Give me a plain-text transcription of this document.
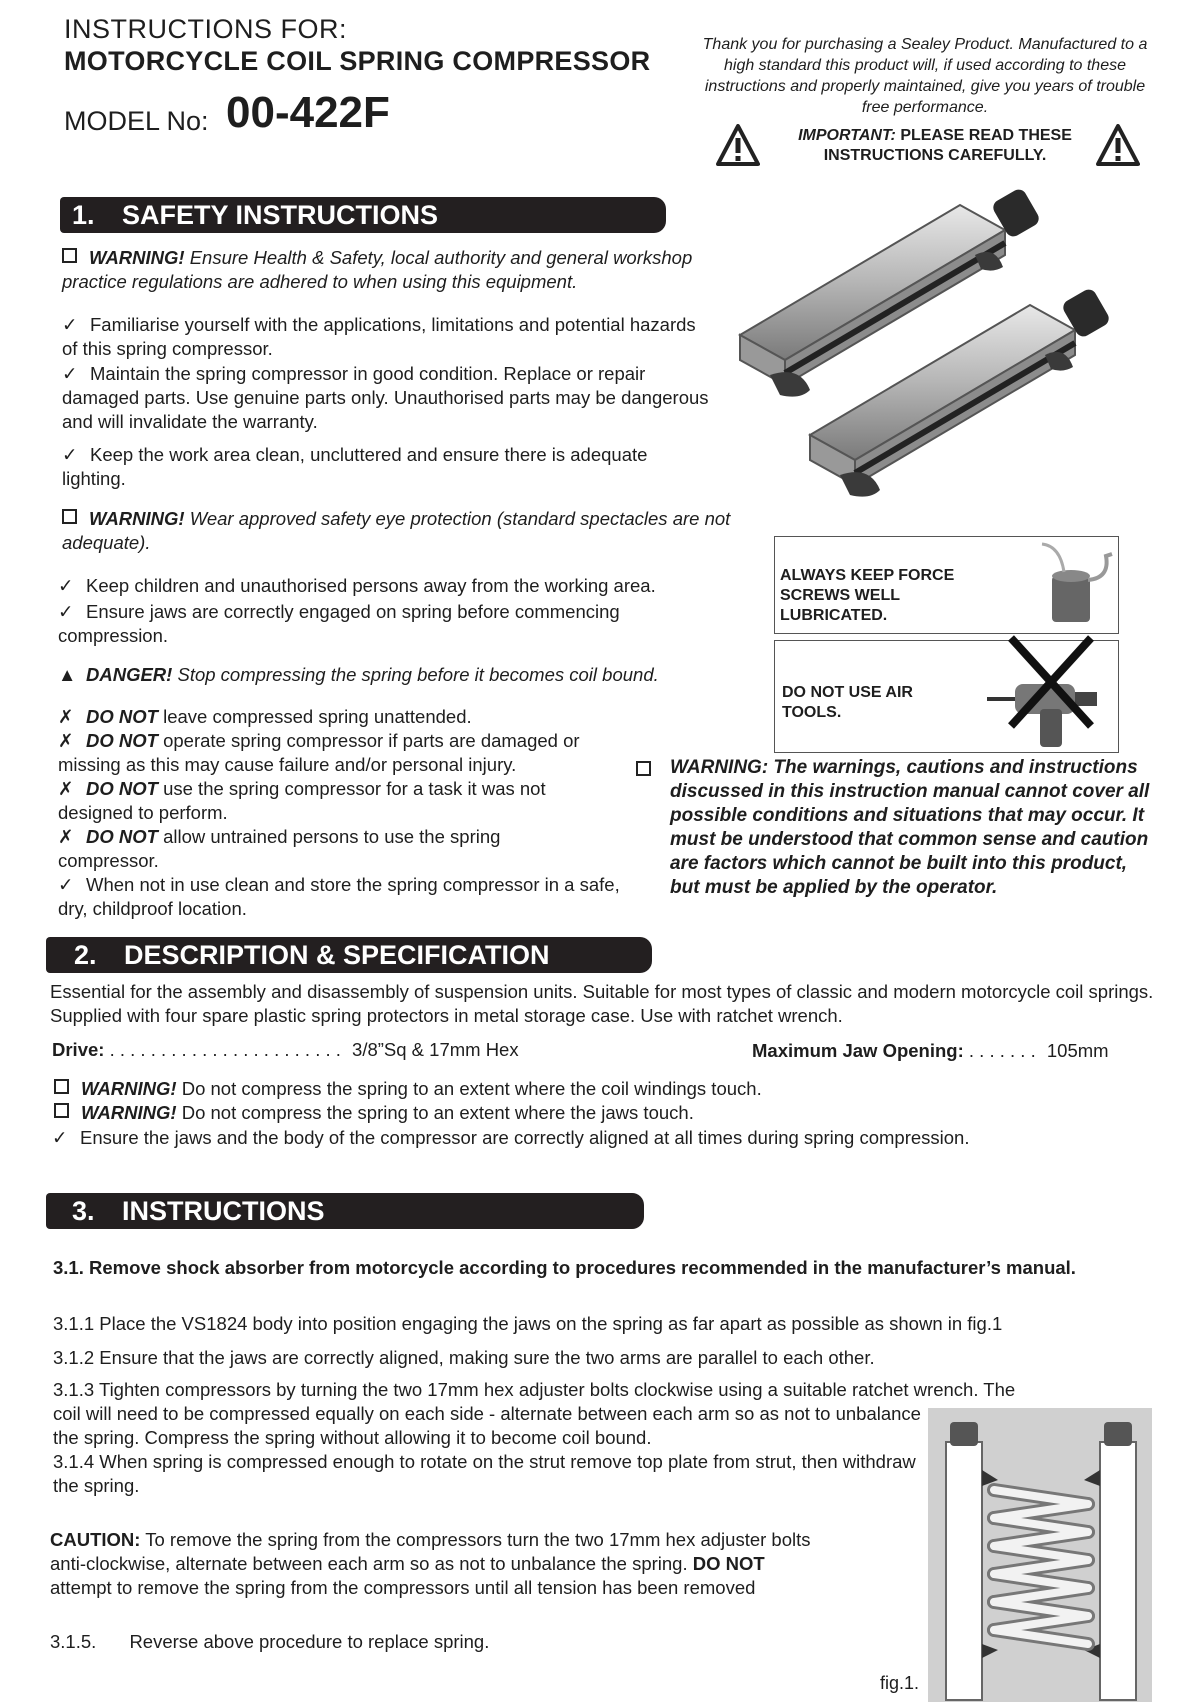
INSTRUCTIONS FOR:
MOTORCYCLE COIL SPRING COMPRESSOR
MODEL No: 00-422F
Thank you for purchasing a Sealey Product. Manufactured to a high standard this product will, if used according to these instructions and properly maintained, give you years of trouble free performance.
IMPORTANT: PLEASE READ THESE INSTRUCTIONS CAREFULLY.
1. SAFETY INSTRUCTIONS
WARNING! Ensure Health & Safety, local authority and general workshop practice regulations are adhered to when using this equipment.
✓ Familiarise yourself with the applications, limitations and potential hazards of this spring compressor.
✓ Maintain the spring compressor in good condition. Replace or repair damaged parts. Use genuine parts only. Unauthorised parts may be dangerous and will invalidate the warranty.
✓ Keep the work area clean, uncluttered and ensure there is adequate lighting.
WARNING! Wear approved safety eye protection (standard spectacles are not adequate).
✓ Keep children and unauthorised persons away from the working area.
✓ Ensure jaws are correctly engaged on spring before commencing compression.
▲ DANGER! Stop compressing the spring before it becomes coil bound.
✗ DO NOT leave compressed spring unattended.
✗ DO NOT operate spring compressor if parts are damaged or missing as this may cause failure and/or personal injury.
✗ DO NOT use the spring compressor for a task it was not designed to perform.
✗ DO NOT allow untrained persons to use the spring compressor.
✓ When not in use clean and store the spring compressor in a safe, dry, childproof location.
ALWAYS KEEP FORCE SCREWS WELL LUBRICATED.
DO NOT USE AIR TOOLS.
WARNING: The warnings, cautions and instructions discussed in this instruction manual cannot cover all possible conditions and situations that may occur. It must be understood that common sense and caution are factors which cannot be built into this product, but must be applied by the operator.
2. DESCRIPTION & SPECIFICATION
Essential for the assembly and disassembly of suspension units. Suitable for most types of classic and modern motorcycle coil springs. Supplied with four spare plastic spring protectors in metal storage case. Use with ratchet wrench.
Drive: . . . . . . . . . . . . . . . . . . . . . . . 3/8”Sq & 17mm Hex	Maximum Jaw Opening: . . . . . . . 105mm
WARNING! Do not compress the spring to an extent where the coil windings touch.
WARNING! Do not compress the spring to an extent where the jaws touch.
✓ Ensure the jaws and the body of the compressor are correctly aligned at all times during spring compression.
3. INSTRUCTIONS
3.1. Remove shock absorber from motorcycle according to procedures recommended in the manufacturer’s manual.
3.1.1 Place the VS1824 body into position engaging the jaws on the spring as far apart as possible as shown in fig.1
3.1.2 Ensure that the jaws are correctly aligned, making sure the two arms are parallel to each other.
3.1.3 Tighten compressors by turning the two 17mm hex adjuster bolts clockwise using a suitable ratchet wrench. The
coil will need to be compressed equally on each side - alternate between each arm so as not to unbalance the spring. Compress the spring without allowing it to become coil bound.
3.1.4 When spring is compressed enough to rotate on the strut remove top plate from strut, then withdraw the spring.
CAUTION: To remove the spring from the compressors turn the two 17mm hex adjuster bolts anti-clockwise, alternate between each arm so as not to unbalance the spring. DO NOT attempt to remove the spring from the compressors until all tension has been removed
3.1.5. Reverse above procedure to replace spring.
fig.1.
